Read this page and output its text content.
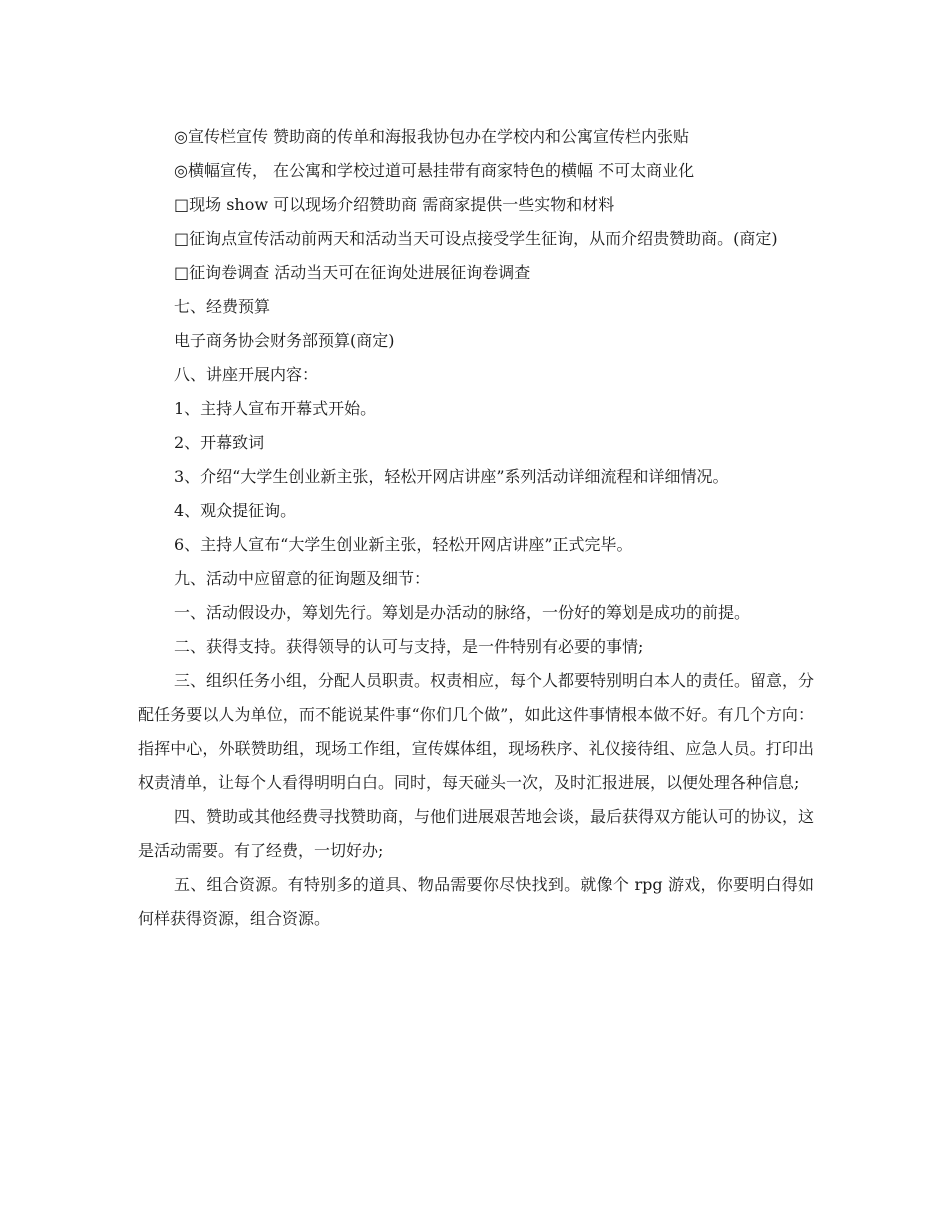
◎宣传栏宣传 赞助商的传单和海报我协包办在学校内和公寓宣传栏内张贴

◎横幅宣传， 在公寓和学校过道可悬挂带有商家特色的横幅 不可太商业化

□现场 show 可以现场介绍赞助商 需商家提供一些实物和材料

□征询点宣传活动前两天和活动当天可设点接受学生征询，从而介绍贵赞助商。(商定)

□征询卷调查 活动当天可在征询处进展征询卷调查

七、经费预算

电子商务协会财务部预算(商定)

八、讲座开展内容：

1、主持人宣布开幕式开始。

2、开幕致词

3、介绍“大学生创业新主张，轻松开网店讲座”系列活动详细流程和详细情况。

4、观众提征询。

6、主持人宣布“大学生创业新主张，轻松开网店讲座”正式完毕。

九、活动中应留意的征询题及细节：

一、活动假设办，筹划先行。筹划是办活动的脉络，一份好的筹划是成功的前提。

二、获得支持。获得领导的认可与支持，是一件特别有必要的事情;

三、组织任务小组，分配人员职责。权责相应，每个人都要特别明白本人的责任。留意，分配任务要以人为单位，而不能说某件事“你们几个做”，如此这件事情根本做不好。有几个方向：指挥中心，外联赞助组，现场工作组，宣传媒体组，现场秩序、礼仪接待组、应急人员。打印出权责清单，让每个人看得明明白白。同时，每天碰头一次，及时汇报进展，以便处理各种信息;

四、赞助或其他经费寻找赞助商，与他们进展艰苦地会谈，最后获得双方能认可的协议，这是活动需要。有了经费，一切好办;

五、组合资源。有特别多的道具、物品需要你尽快找到。就像个 rpg 游戏，你要明白得如何样获得资源，组合资源。
